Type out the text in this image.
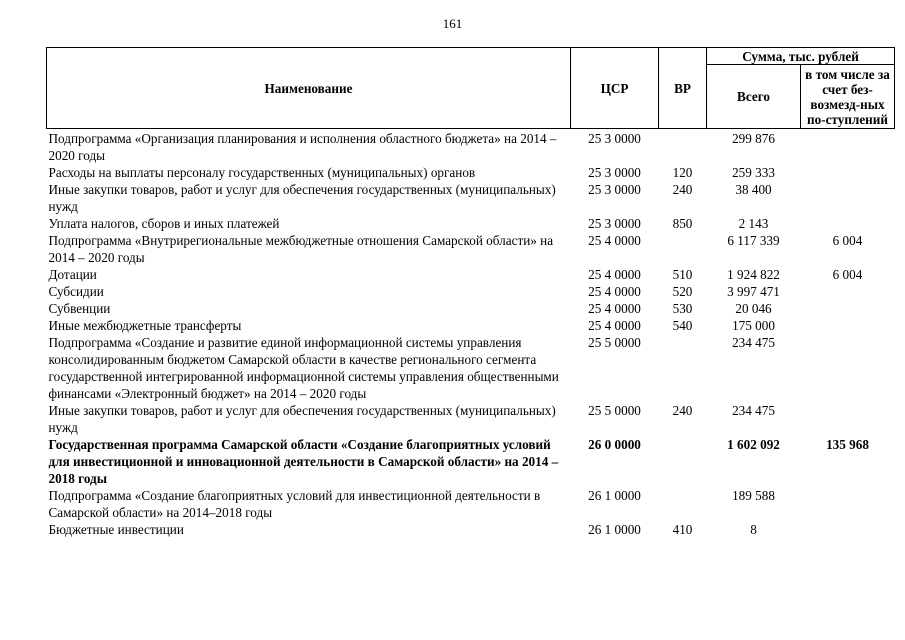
161
Наименование	ЦСР	ВР	Сумма, тыс. рублей	
			Всего	в том числе за счет без-возмезд-ных по-ступлений
Подпрограмма «Организация планирования и исполнения областного бюджета» на 2014 – 2020 годы	25 3 0000		299 876	
Расходы на выплаты персоналу государственных (муниципальных) органов	25 3 0000	120	259 333	
Иные закупки товаров, работ и услуг для обеспечения государственных (муниципальных) нужд	25 3 0000	240	38 400	
Уплата налогов, сборов и иных платежей	25 3 0000	850	2 143	
Подпрограмма «Внутрирегиональные межбюджетные отношения Самарской области» на 2014 – 2020 годы	25 4 0000		6 117 339	6 004
Дотации	25 4 0000	510	1 924 822	6 004
Субсидии	25 4 0000	520	3 997 471	
Субвенции	25 4 0000	530	20 046	
Иные межбюджетные трансферты	25 4 0000	540	175 000	
Подпрограмма «Создание и развитие единой информационной системы управления консолидированным бюджетом Самарской области в качестве регионального сегмента государственной интегрированной информационной системы управления общественными финансами «Электронный бюджет» на 2014 – 2020 годы	25 5 0000		234 475	
Иные закупки товаров, работ и услуг для обеспечения государственных (муниципальных) нужд	25 5 0000	240	234 475	
Государственная программа Самарской области «Создание благоприятных условий для инвестиционной и инновационной деятельности в Самарской области» на 2014 – 2018 годы	26 0 0000		1 602 092	135 968
Подпрограмма «Создание благоприятных условий для инвестиционной деятельности в Самарской области» на 2014–2018 годы	26 1 0000		189 588	
Бюджетные инвестиции	26 1 0000	410	8	
